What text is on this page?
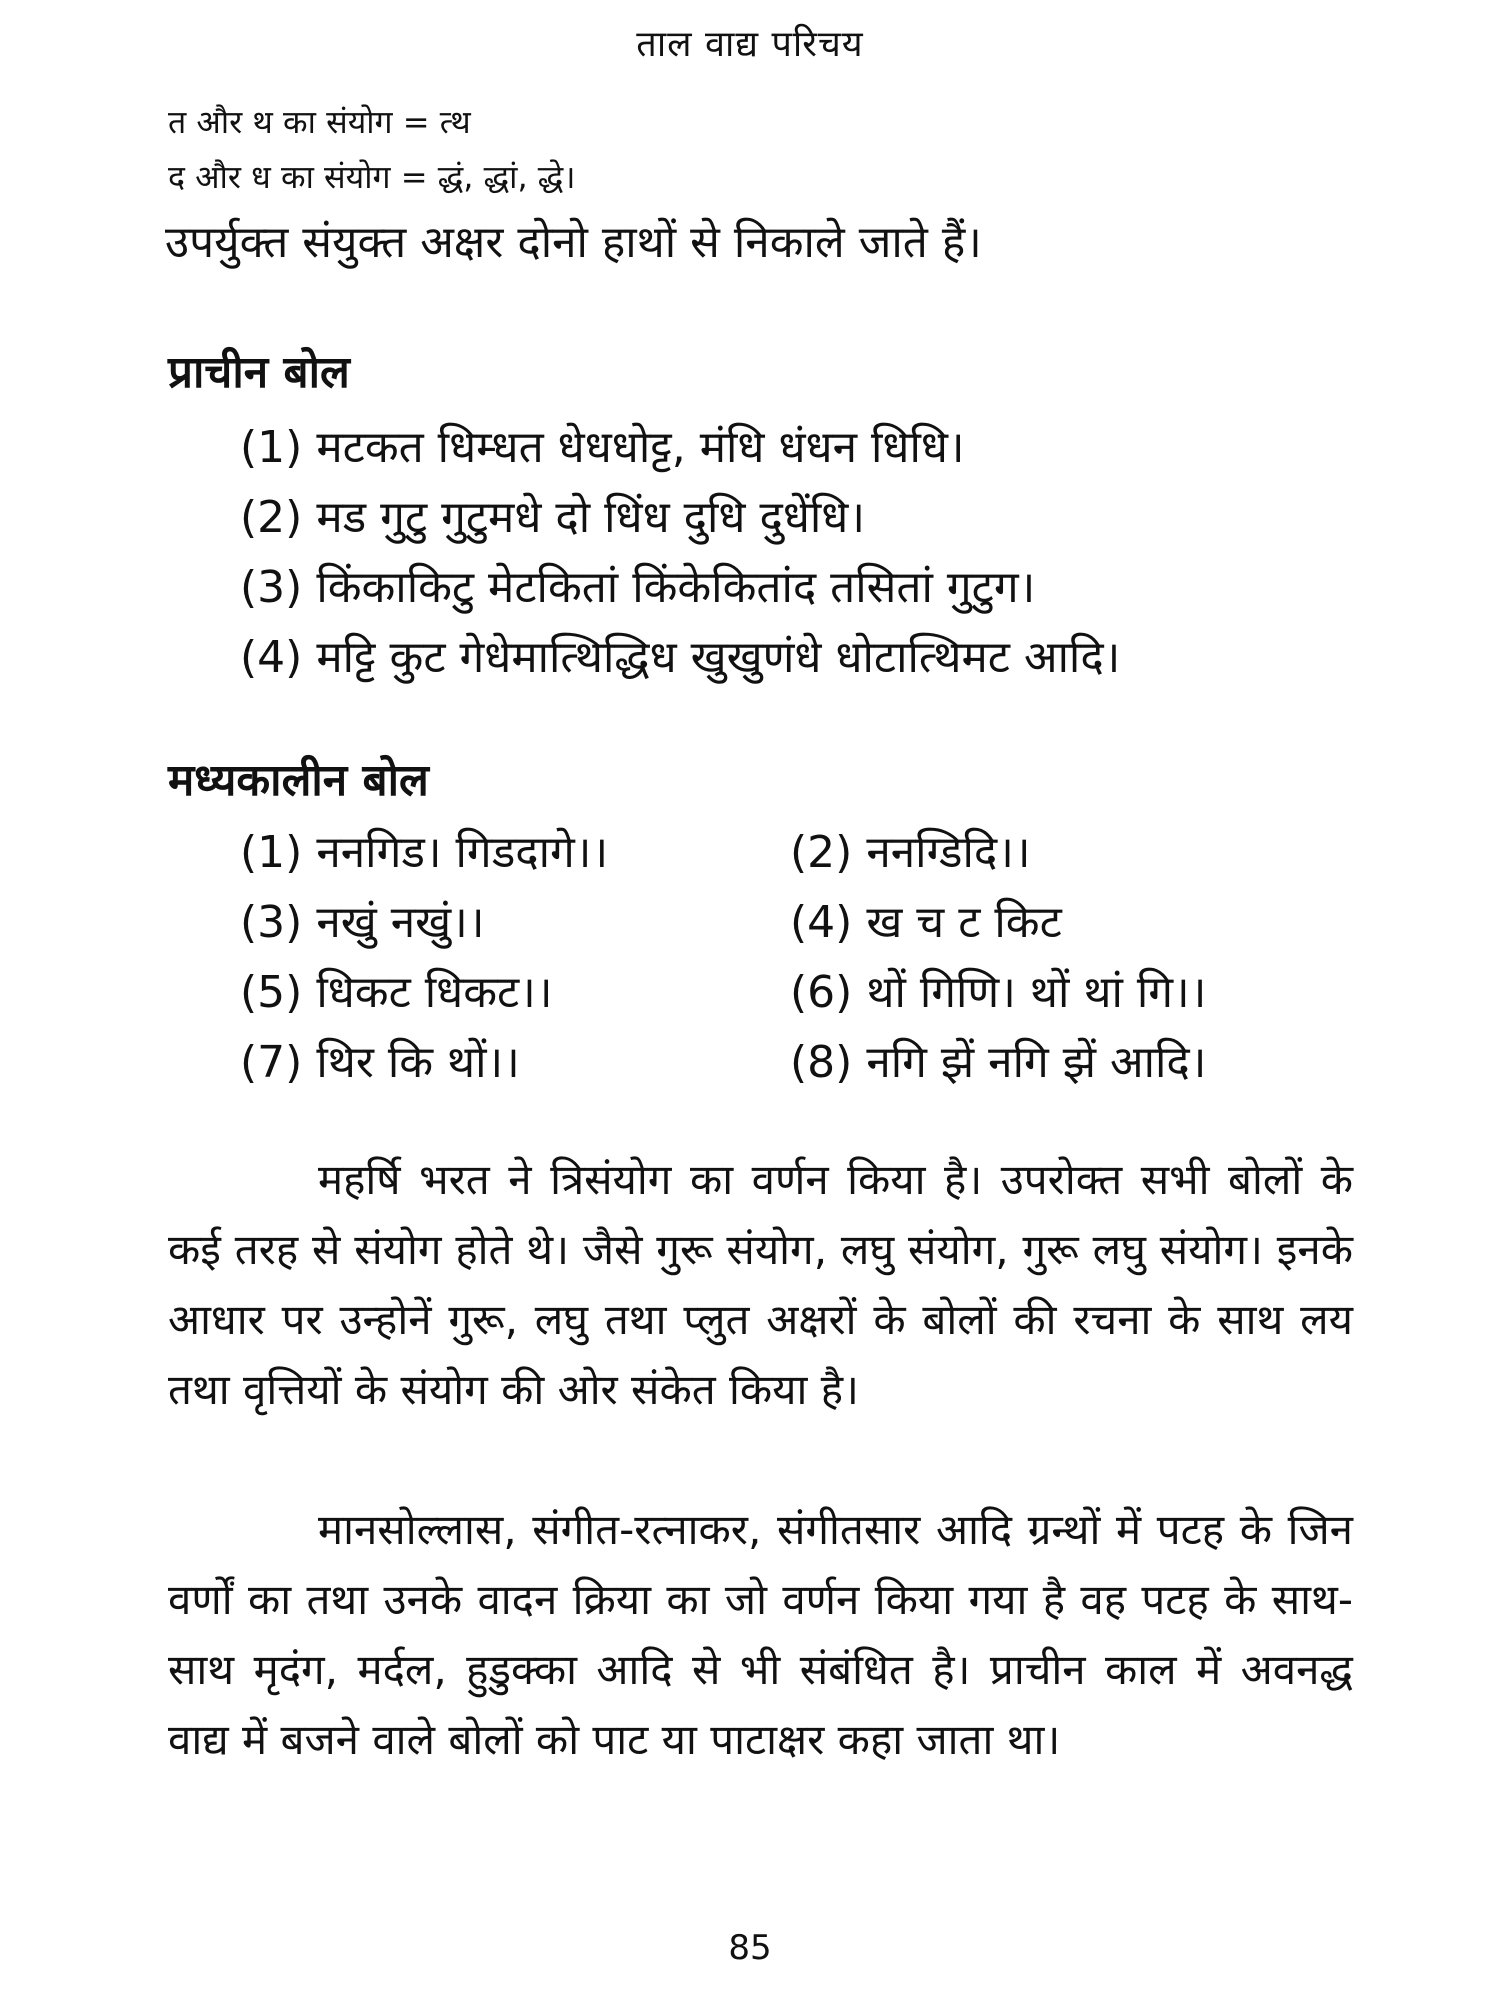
ताल वाद्य परिचय
त और थ का संयोग = त्थ
द और ध का संयोग = द्धं, द्धां, द्धे।
उपर्युक्त संयुक्त अक्षर दोनो हाथों से निकाले जाते हैं।
प्राचीन बोल
(1) मटकत धिम्धत धेधधोट्ट, मंधि धंधन धिधि।
(2) मड गुटु गुटुमधे दो धिंध दुधि दुधेंधि।
(3) किंकाकिटु मेटकितां किंकेकितांद तसितां गुटुग।
(4) मट्टि कुट गेधेमात्थिद्धिध खुखुणंधे धोटात्थिमट आदि।
मध्यकालीन बोल
(1) ननगिड। गिडदागे।।	(2) ननग्डिदि।।
(3) नखुं नखुं।।	(4) ख च ट किट
(5) धिकट धिकट।।	(6) थों गिणि। थों थां गि।।
(7) थिर कि थों।।	(8) नगि झें नगि झें आदि।

महर्षि भरत ने त्रिसंयोग का वर्णन किया है। उपरोक्त सभी बोलों के कई तरह से संयोग होते थे। जैसे गुरू संयोग, लघु संयोग, गुरू लघु संयोग। इनके आधार पर उन्होनें गुरू, लघु तथा प्लुत अक्षरों के बोलों की रचना के साथ लय तथा वृत्तियों के संयोग की ओर संकेत किया है।

मानसोल्लास, संगीत-रत्नाकर, संगीतसार आदि ग्रन्थों में पटह के जिन वर्णों का तथा उनके वादन क्रिया का जो वर्णन किया गया है वह पटह के साथ-साथ मृदंग, मर्दल, हुडुक्का आदि से भी संबंधित है। प्राचीन काल में अवनद्ध वाद्य में बजने वाले बोलों को पाट या पाटाक्षर कहा जाता था।

85
